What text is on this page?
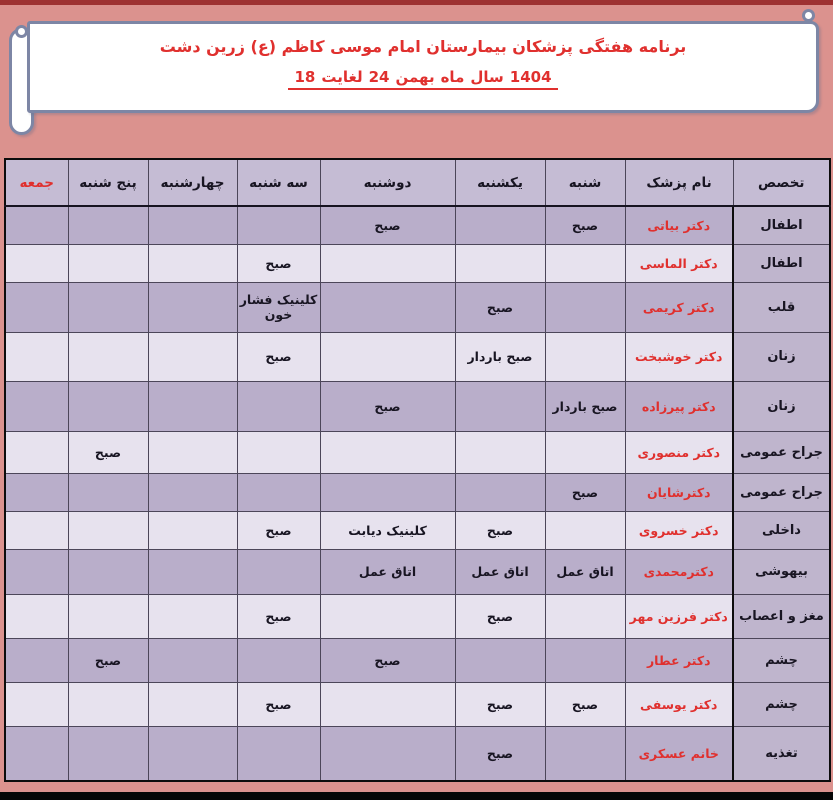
برنامه هفتگی پزشکان بیمارستان امام موسی کاظم (ع) زرین دشت
18 لغایت 24 بهمن ماه سال 1404
تخصص	نام پزشک	شنبه	یکشنبه	دوشنبه	سه شنبه	چهارشنبه	پنج شنبه	جمعه
اطفال	دکتر بیاتی	صبح		صبح				
اطفال	دکتر الماسی				صبح			
قلب	دکتر کریمی		صبح		کلینیک فشار خون			
زنان	دکتر خوشبخت		صبح باردار		صبح			
زنان	دکتر پیرزاده	صبح باردار		صبح				
جراح عمومی	دکتر منصوری						صبح	
جراح عمومی	دکترشایان	صبح						
داخلی	دکتر خسروی		صبح	کلینیک دیابت	صبح			
بیهوشی	دکترمحمدی	اتاق عمل	اتاق عمل	اتاق عمل				
مغز و اعصاب	دکتر فرزین مهر		صبح		صبح			
چشم	دکتر عطار			صبح			صبح	
چشم	دکتر یوسفی	صبح	صبح		صبح			
تغذیه	خانم عسکری		صبح					
